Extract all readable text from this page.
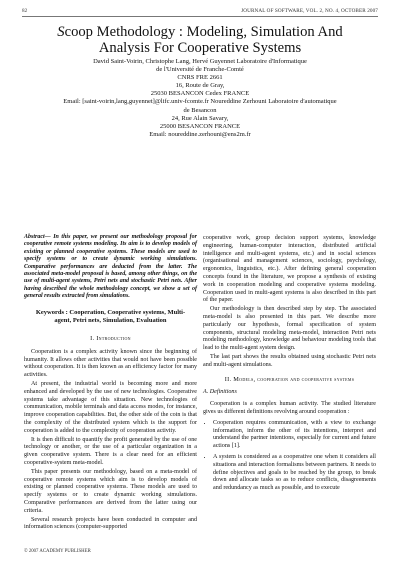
82	JOURNAL OF SOFTWARE, VOL. 2, NO. 4, OCTOBER 2007
Scoop Methodology : Modeling, Simulation And
Analysis For Cooperative Systems
David Saint-Voirin, Christophe Lang, Hervé Guyennet Laboratoire d'Informatique
de l'Université de Franche-Comté
CNRS FRE 2661
16, Route de Gray,
25030 BESANCON Cedex FRANCE
Email: [saint-voirin,lang,guyennet]@lifc.univ-fcomte.fr Noureddine Zerhouni Laboratoire d'automatique
de Besancon
24, Rue Alain Savary,
25000 BESANCON FRANCE
Email: noureddine.zerhouni@ens2m.fr
Abstract— In this paper, we present our methodology proposal for cooperative remote systems modeling. Its aim is to develop models of existing or planned cooperative systems. These models are used to specify systems or to create dynamic working simulations. Comparative performances are deducted from the latter. The associated meta-model proposal is based, among other things, on the use of multi-agent systems, Petri nets and stochastic Petri nets. After having described the whole methodology concept, we show a set of general results extracted from simulations.
Keywords : Cooperation, Cooperative systems, Multi-agent, Petri nets, Simulation, Evaluation
I. Introduction

Cooperation is a complex activity known since the beginning of humanity. It allows other activities that would not have been possible without cooperation. It is then known as an efficiency factor for many activities.

At present, the industrial world is becoming more and more enhanced and developed by the use of new technologies. Cooperative systems take advantage of this situation. New technologies of communication, mobile terminals and data access modes, for instance, improve cooperation capabilities. But, the other side of the coin is that the complexity of the distributed system which is the support for cooperation is added to the complexity of cooperation activity.

It is then difficult to quantify the profit generated by the use of one technology or another, or the use of a particular organization in a given cooperative system. There is a clear need for an efficient cooperative-system meta-model.

This paper presents our methodology, based on a meta-model of cooperative remote systems which aim is to develop models of existing or planned cooperative systems. These models are used to specify systems or to create dynamic working simulations. Comparative performances are derived from the latter using our criteria.

Several research projects have been conducted in computer and information sciences (computer-supported

cooperative work, group decision support systems, knowledge engineering, human-computer interaction, distributed artificial intelligence and multi-agent systems, etc.) and in social sciences (organisational and management sciences, sociology, psychology, ergonomics, linguistics, etc.). After defining general cooperation concepts found in the literature, we propose a synthesis of existing work in cooperation modeling and cooperative systems modeling. Cooperation used in multi-agent systems is also described in this part of the paper.

Our methodology is then described step by step. The associated meta-model is also presented in this part. We describe more particularly our hypothesis, formal specification of system components, structural modeling meta-model, interaction Petri nets modeling methodology, knowledge and behaviour modeling tools that lead to the multi-agent system design.

The last part shows the results obtained using stochastic Petri nets and multi-agent simulations.

II. Models, cooperation and cooperative systems
A. Definitions

Cooperation is a complex human activity. The studied literature gives us different definitions revolving around cooperation :

• Cooperation requires communication, with a view to exchange information, inform the other of its intentions, interpret and understand the partner intentions, especially for current and future actions [1].
• A system is considered as a cooperative one when it considers all situations and interaction formalisms between partners. It needs to define objectives and goals to be reached by the group, to break down and allocate tasks so as to reduce conflicts, disagreements and redundancy as much as possible, and to execute
© 2007 ACADEMY PUBLISHER
